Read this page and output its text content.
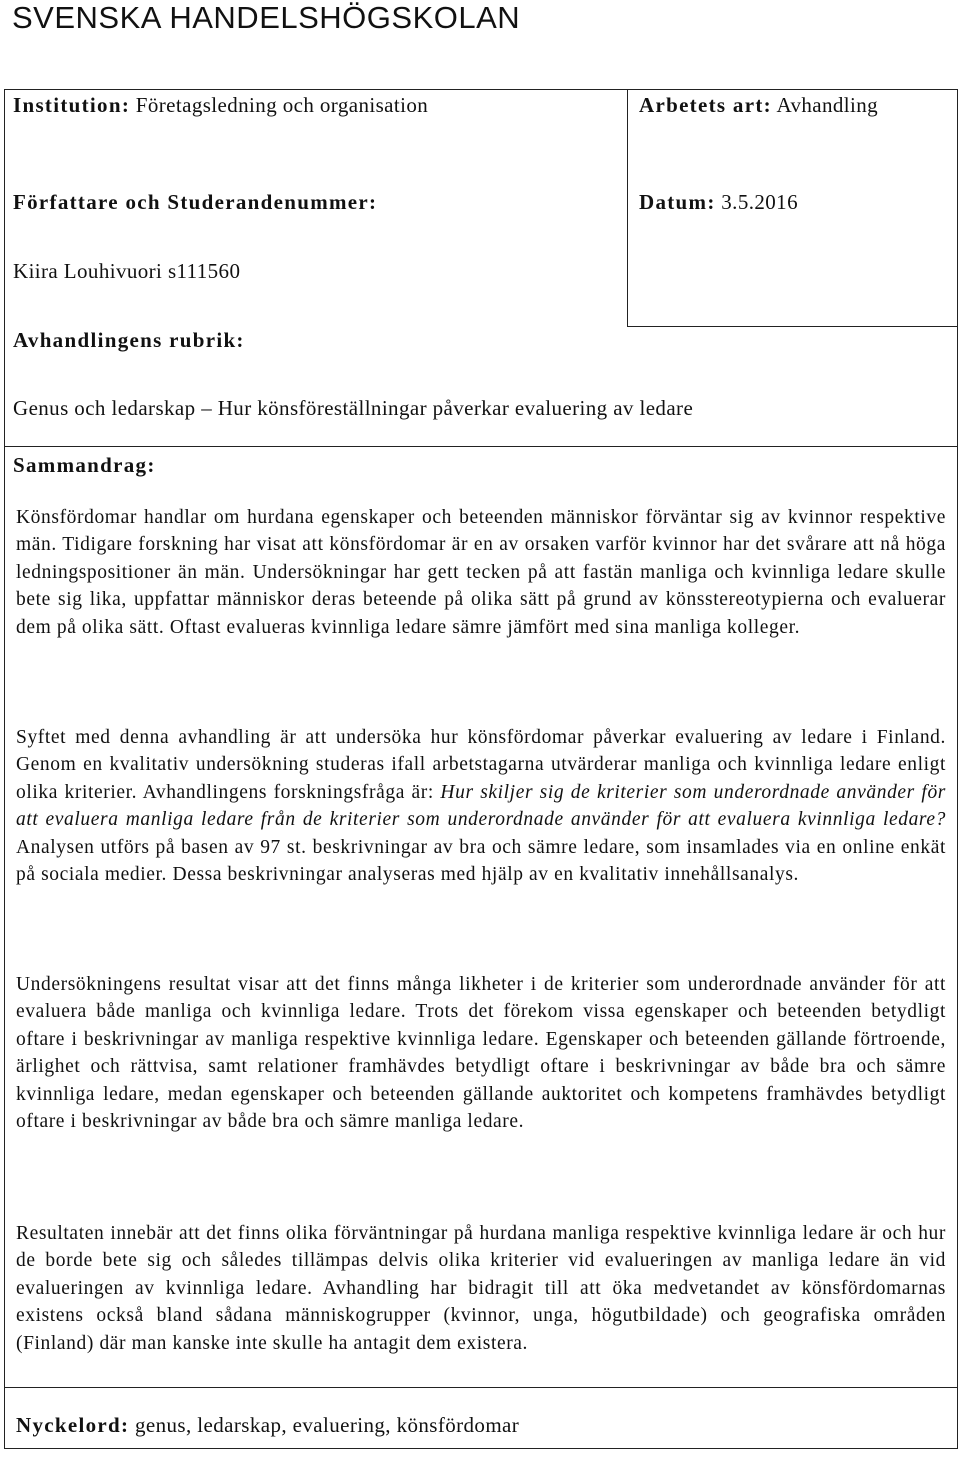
SVENSKA HANDELSHÖGSKOLAN
Institution: Företagsledning och organisation	Arbetets art: Avhandling
Författare och Studerandenummer:	Datum: 3.5.2016
Kiira Louhivuori s111560
Avhandlingens rubrik:
Genus och ledarskap – Hur könsföreställningar påverkar evaluering av ledare
Sammandrag:
Könsfördomar handlar om hurdana egenskaper och beteenden människor förväntar sig av kvinnor respektive män. Tidigare forskning har visat att könsfördomar är en av orsaken varför kvinnor har det svårare att nå höga ledningspositioner än män. Undersökningar har gett tecken på att fastän manliga och kvinnliga ledare skulle bete sig lika, uppfattar människor deras beteende på olika sätt på grund av könsstereotypierna och evaluerar dem på olika sätt. Oftast evalueras kvinnliga ledare sämre jämfört med sina manliga kolleger.
Syftet med denna avhandling är att undersöka hur könsfördomar påverkar evaluering av ledare i Finland. Genom en kvalitativ undersökning studeras ifall arbetstagarna utvärderar manliga och kvinnliga ledare enligt olika kriterier. Avhandlingens forskningsfråga är: Hur skiljer sig de kriterier som underordnade använder för att evaluera manliga ledare från de kriterier som underordnade använder för att evaluera kvinnliga ledare? Analysen utförs på basen av 97 st. beskrivningar av bra och sämre ledare, som insamlades via en online enkät på sociala medier. Dessa beskrivningar analyseras med hjälp av en kvalitativ innehållsanalys.
Undersökningens resultat visar att det finns många likheter i de kriterier som underordnade använder för att evaluera både manliga och kvinnliga ledare. Trots det förekom vissa egenskaper och beteenden betydligt oftare i beskrivningar av manliga respektive kvinnliga ledare. Egenskaper och beteenden gällande förtroende, ärlighet och rättvisa, samt relationer framhävdes betydligt oftare i beskrivningar av både bra och sämre kvinnliga ledare, medan egenskaper och beteenden gällande auktoritet och kompetens framhävdes betydligt oftare i beskrivningar av både bra och sämre manliga ledare.
Resultaten innebär att det finns olika förväntningar på hurdana manliga respektive kvinnliga ledare är och hur de borde bete sig och således tillämpas delvis olika kriterier vid evalueringen av manliga ledare än vid evalueringen av kvinnliga ledare. Avhandling har bidragit till att öka medvetandet av könsfördomarnas existens också bland sådana människogrupper (kvinnor, unga, högutbildade) och geografiska områden (Finland) där man kanske inte skulle ha antagit dem existera.
Nyckelord: genus, ledarskap, evaluering, könsfördomar
